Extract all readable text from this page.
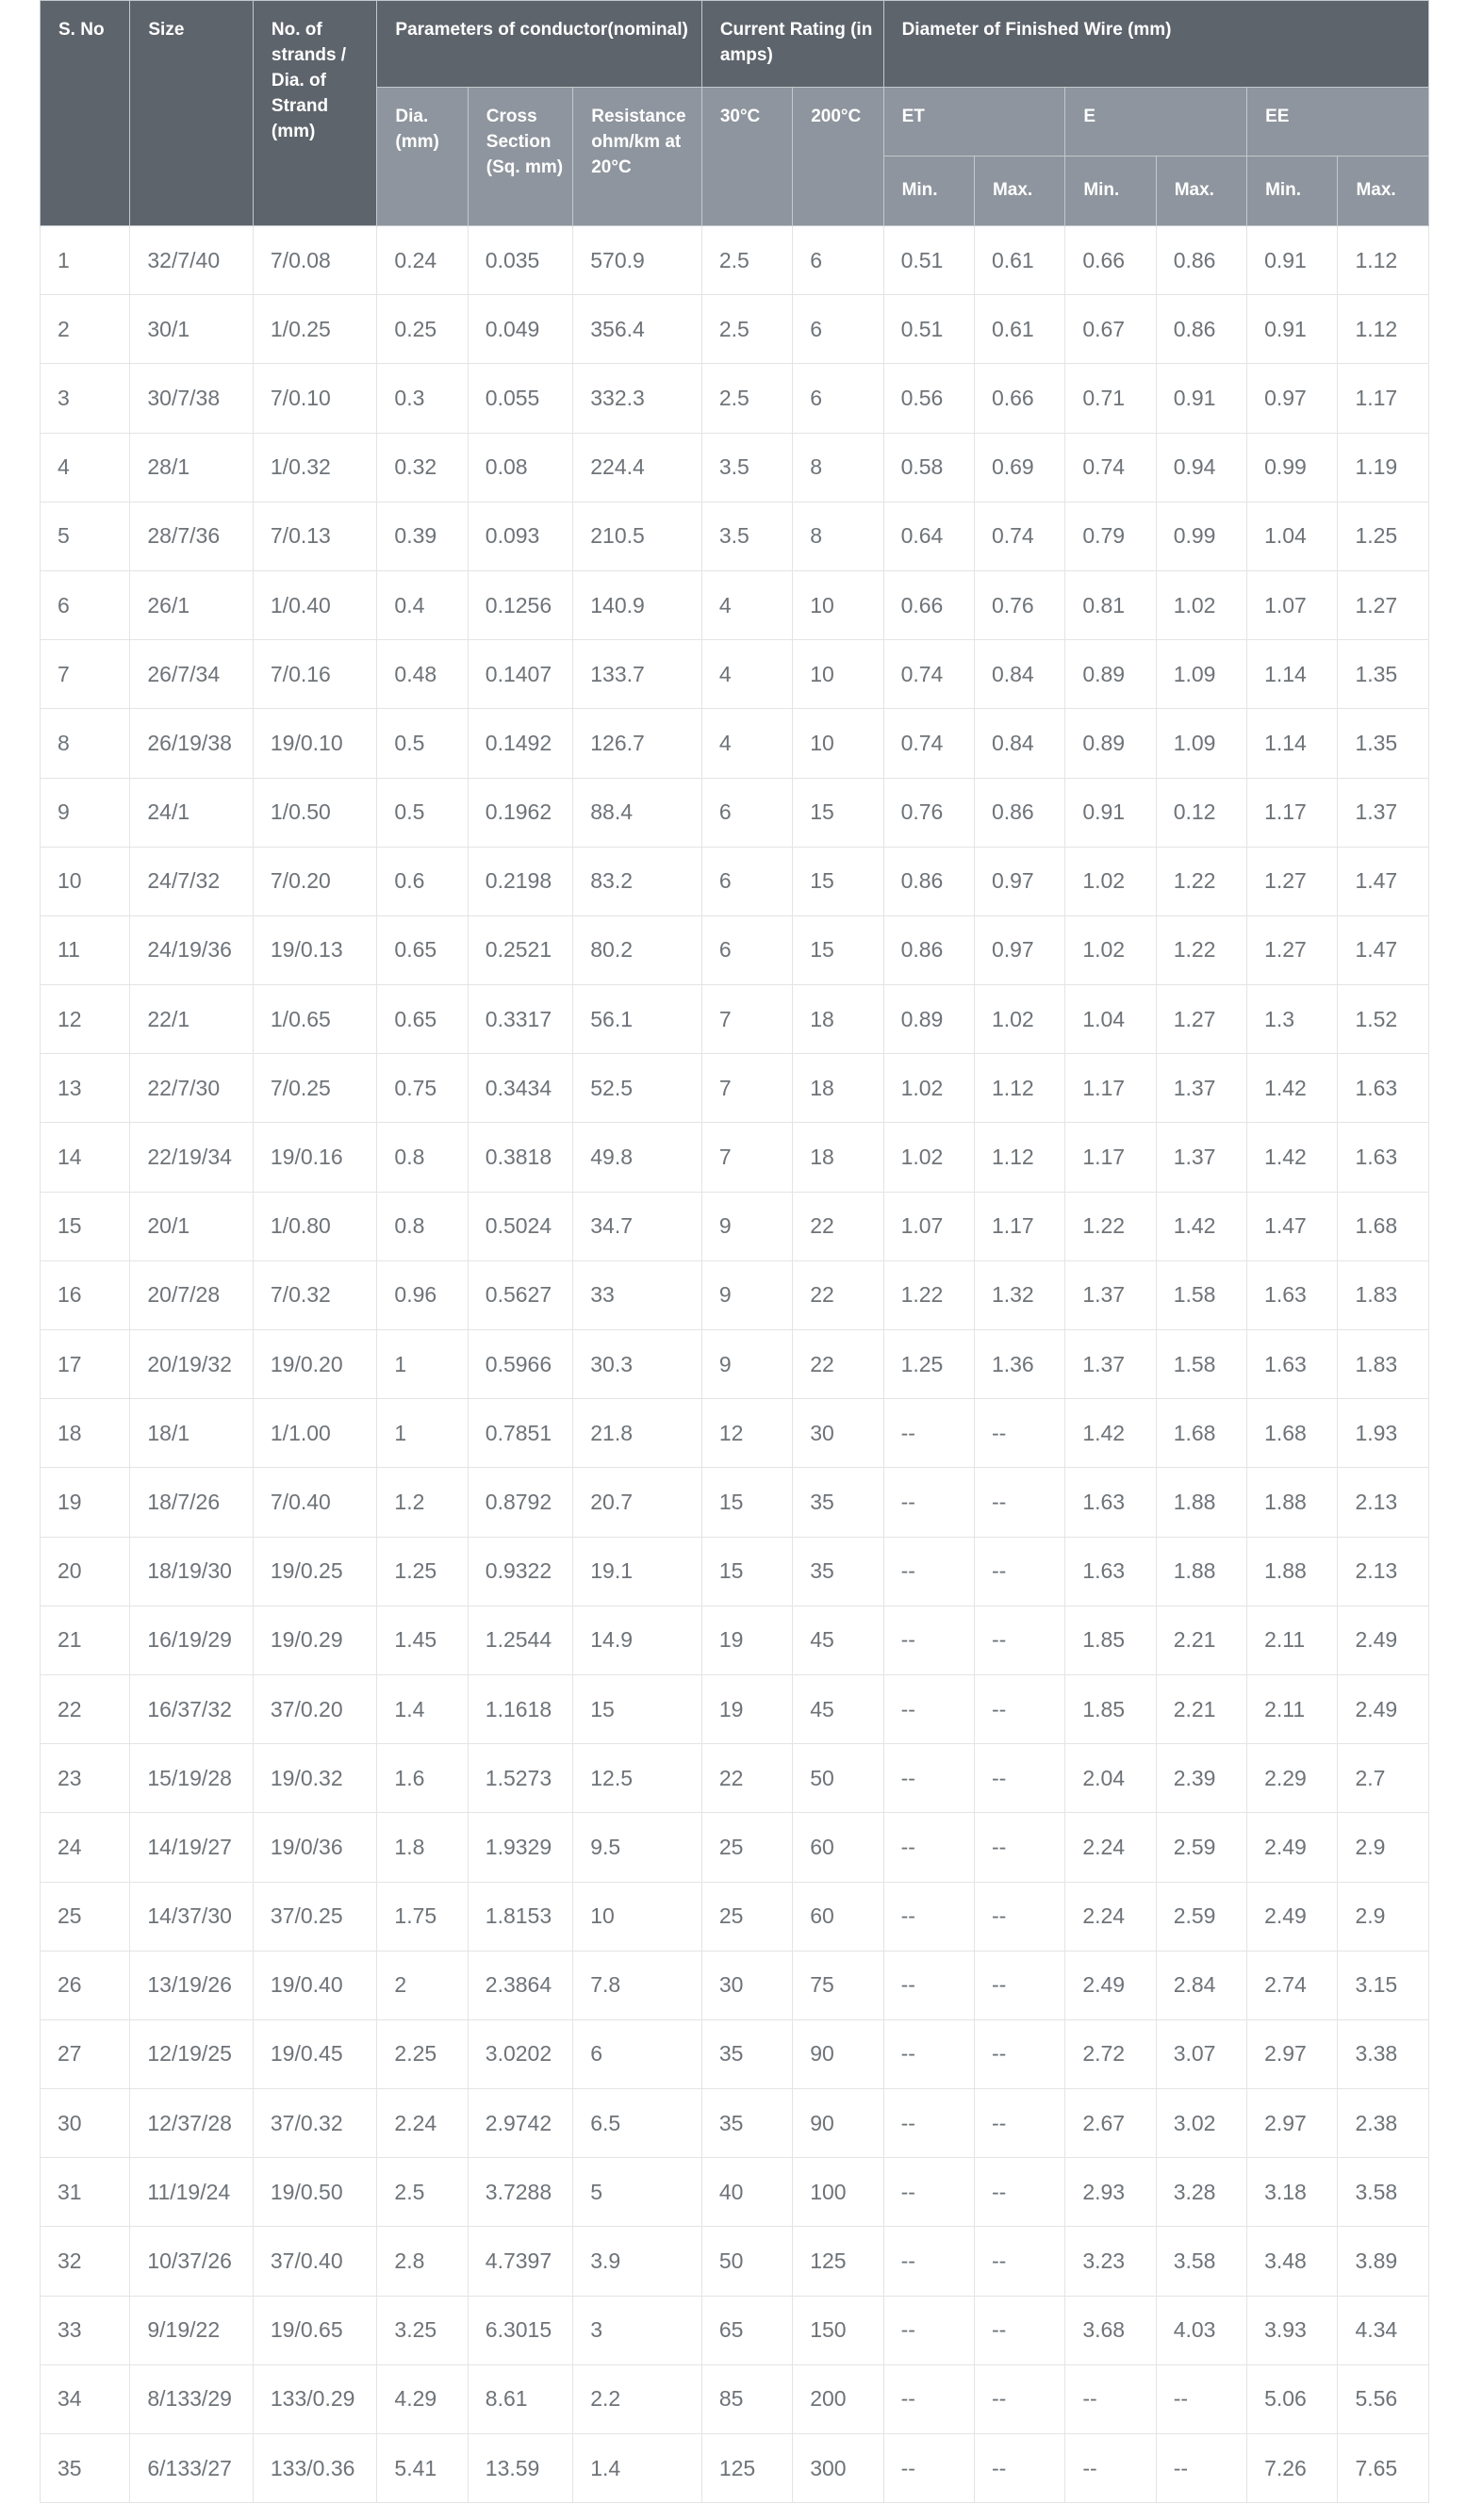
S. No	Size	No. of strands / Dia. of Strand (mm)	Parameters of conductor(nominal)			Current Rating (in amps)		Diameter of Finished Wire (mm)					
			Dia. (mm)	Cross Section (Sq. mm)	Resistance ohm/km at 20°C	30°C	200°C	ET		E		EE	
								Min.	Max.	Min.	Max.	Min.	Max.
1	32/7/40	7/0.08	0.24	0.035	570.9	2.5	6	0.51	0.61	0.66	0.86	0.91	1.12
2	30/1	1/0.25	0.25	0.049	356.4	2.5	6	0.51	0.61	0.67	0.86	0.91	1.12
3	30/7/38	7/0.10	0.3	0.055	332.3	2.5	6	0.56	0.66	0.71	0.91	0.97	1.17
4	28/1	1/0.32	0.32	0.08	224.4	3.5	8	0.58	0.69	0.74	0.94	0.99	1.19
5	28/7/36	7/0.13	0.39	0.093	210.5	3.5	8	0.64	0.74	0.79	0.99	1.04	1.25
6	26/1	1/0.40	0.4	0.1256	140.9	4	10	0.66	0.76	0.81	1.02	1.07	1.27
7	26/7/34	7/0.16	0.48	0.1407	133.7	4	10	0.74	0.84	0.89	1.09	1.14	1.35
8	26/19/38	19/0.10	0.5	0.1492	126.7	4	10	0.74	0.84	0.89	1.09	1.14	1.35
9	24/1	1/0.50	0.5	0.1962	88.4	6	15	0.76	0.86	0.91	0.12	1.17	1.37
10	24/7/32	7/0.20	0.6	0.2198	83.2	6	15	0.86	0.97	1.02	1.22	1.27	1.47
11	24/19/36	19/0.13	0.65	0.2521	80.2	6	15	0.86	0.97	1.02	1.22	1.27	1.47
12	22/1	1/0.65	0.65	0.3317	56.1	7	18	0.89	1.02	1.04	1.27	1.3	1.52
13	22/7/30	7/0.25	0.75	0.3434	52.5	7	18	1.02	1.12	1.17	1.37	1.42	1.63
14	22/19/34	19/0.16	0.8	0.3818	49.8	7	18	1.02	1.12	1.17	1.37	1.42	1.63
15	20/1	1/0.80	0.8	0.5024	34.7	9	22	1.07	1.17	1.22	1.42	1.47	1.68
16	20/7/28	7/0.32	0.96	0.5627	33	9	22	1.22	1.32	1.37	1.58	1.63	1.83
17	20/19/32	19/0.20	1	0.5966	30.3	9	22	1.25	1.36	1.37	1.58	1.63	1.83
18	18/1	1/1.00	1	0.7851	21.8	12	30	--	--	1.42	1.68	1.68	1.93
19	18/7/26	7/0.40	1.2	0.8792	20.7	15	35	--	--	1.63	1.88	1.88	2.13
20	18/19/30	19/0.25	1.25	0.9322	19.1	15	35	--	--	1.63	1.88	1.88	2.13
21	16/19/29	19/0.29	1.45	1.2544	14.9	19	45	--	--	1.85	2.21	2.11	2.49
22	16/37/32	37/0.20	1.4	1.1618	15	19	45	--	--	1.85	2.21	2.11	2.49
23	15/19/28	19/0.32	1.6	1.5273	12.5	22	50	--	--	2.04	2.39	2.29	2.7
24	14/19/27	19/0/36	1.8	1.9329	9.5	25	60	--	--	2.24	2.59	2.49	2.9
25	14/37/30	37/0.25	1.75	1.8153	10	25	60	--	--	2.24	2.59	2.49	2.9
26	13/19/26	19/0.40	2	2.3864	7.8	30	75	--	--	2.49	2.84	2.74	3.15
27	12/19/25	19/0.45	2.25	3.0202	6	35	90	--	--	2.72	3.07	2.97	3.38
30	12/37/28	37/0.32	2.24	2.9742	6.5	35	90	--	--	2.67	3.02	2.97	2.38
31	11/19/24	19/0.50	2.5	3.7288	5	40	100	--	--	2.93	3.28	3.18	3.58
32	10/37/26	37/0.40	2.8	4.7397	3.9	50	125	--	--	3.23	3.58	3.48	3.89
33	9/19/22	19/0.65	3.25	6.3015	3	65	150	--	--	3.68	4.03	3.93	4.34
34	8/133/29	133/0.29	4.29	8.61	2.2	85	200	--	--	--	--	5.06	5.56
35	6/133/27	133/0.36	5.41	13.59	1.4	125	300	--	--	--	--	7.26	7.65
